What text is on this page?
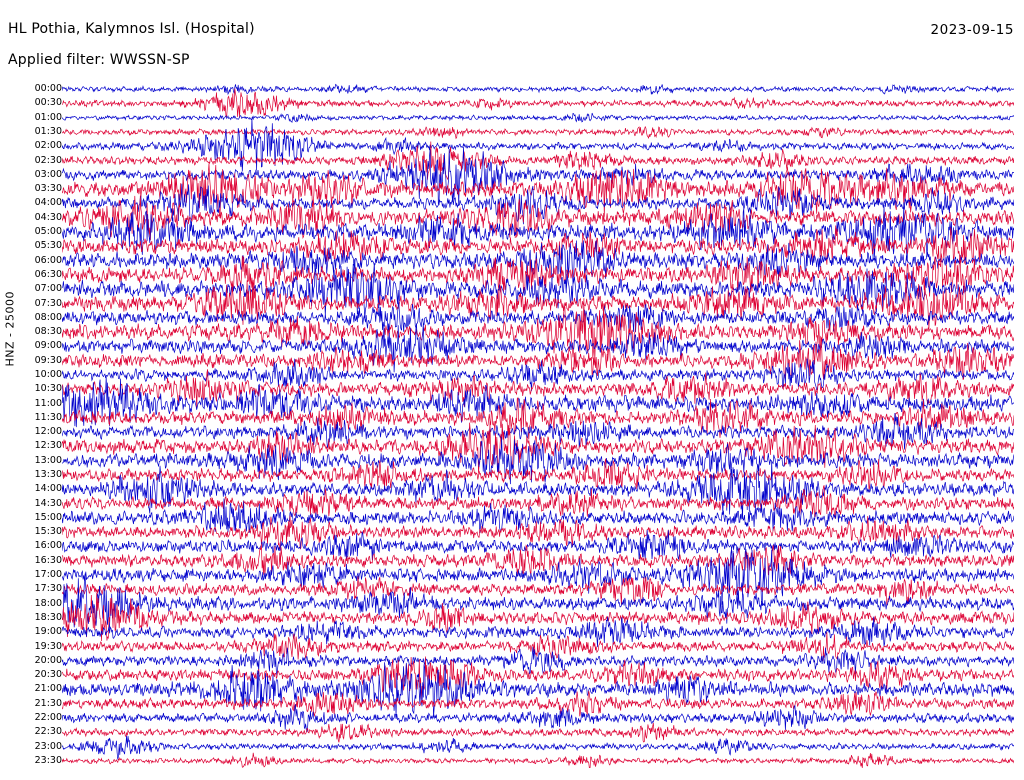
HL Pothia, Kalymnos Isl. (Hospital)	2023-09-15
Applied filter: WWSSN-SP
HNZ - 25000
00:00
00:30
01:00
01:30
02:00
02:30
03:00
03:30
04:00
04:30
05:00
05:30
06:00
06:30
07:00
07:30
08:00
08:30
09:00
09:30
10:00
10:30
11:00
11:30
12:00
12:30
13:00
13:30
14:00
14:30
15:00
15:30
16:00
16:30
17:00
17:30
18:00
18:30
19:00
19:30
20:00
20:30
21:00
21:30
22:00
22:30
23:00
23:30
